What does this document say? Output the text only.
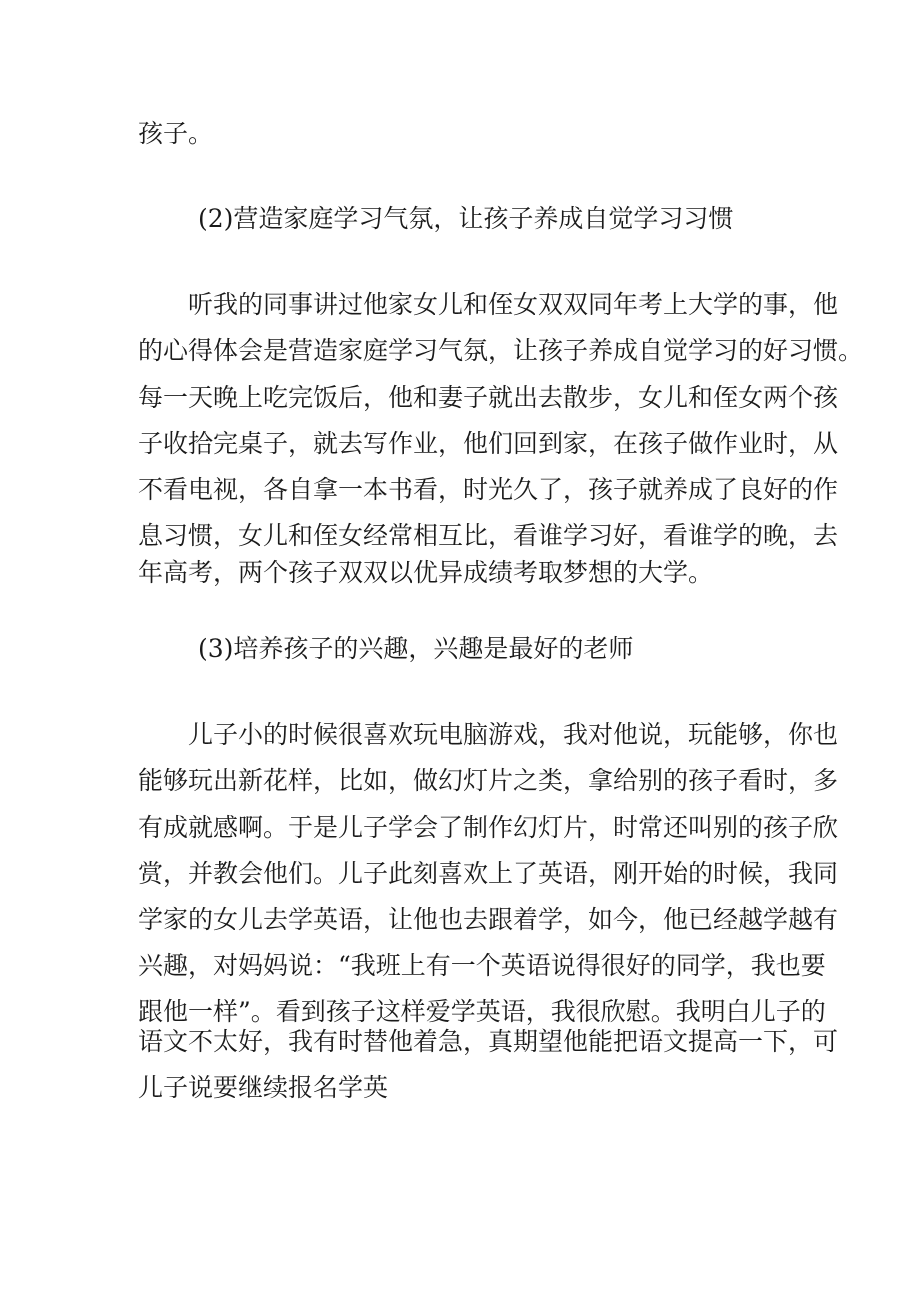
孩子。
(2)营造家庭学习气氛，让孩子养成自觉学习习惯
听我的同事讲过他家女儿和侄女双双同年考上大学的事，他
的心得体会是营造家庭学习气氛，让孩子养成自觉学习的好习惯。
每一天晚上吃完饭后，他和妻子就出去散步，女儿和侄女两个孩
子收拾完桌子，就去写作业，他们回到家，在孩子做作业时，从
不看电视，各自拿一本书看，时光久了，孩子就养成了良好的作
息习惯，女儿和侄女经常相互比，看谁学习好，看谁学的晚，去
年高考，两个孩子双双以优异成绩考取梦想的大学。
(3)培养孩子的兴趣，兴趣是最好的老师
儿子小的时候很喜欢玩电脑游戏，我对他说，玩能够，你也
能够玩出新花样，比如，做幻灯片之类，拿给别的孩子看时，多
有成就感啊。于是儿子学会了制作幻灯片，时常还叫别的孩子欣
赏，并教会他们。儿子此刻喜欢上了英语，刚开始的时候，我同
学家的女儿去学英语，让他也去跟着学，如今，他已经越学越有
兴趣，对妈妈说：“我班上有一个英语说得很好的同学，我也要
跟他一样”。看到孩子这样爱学英语，我很欣慰。我明白儿子的
语文不太好，我有时替他着急，真期望他能把语文提高一下，可
儿子说要继续报名学英
